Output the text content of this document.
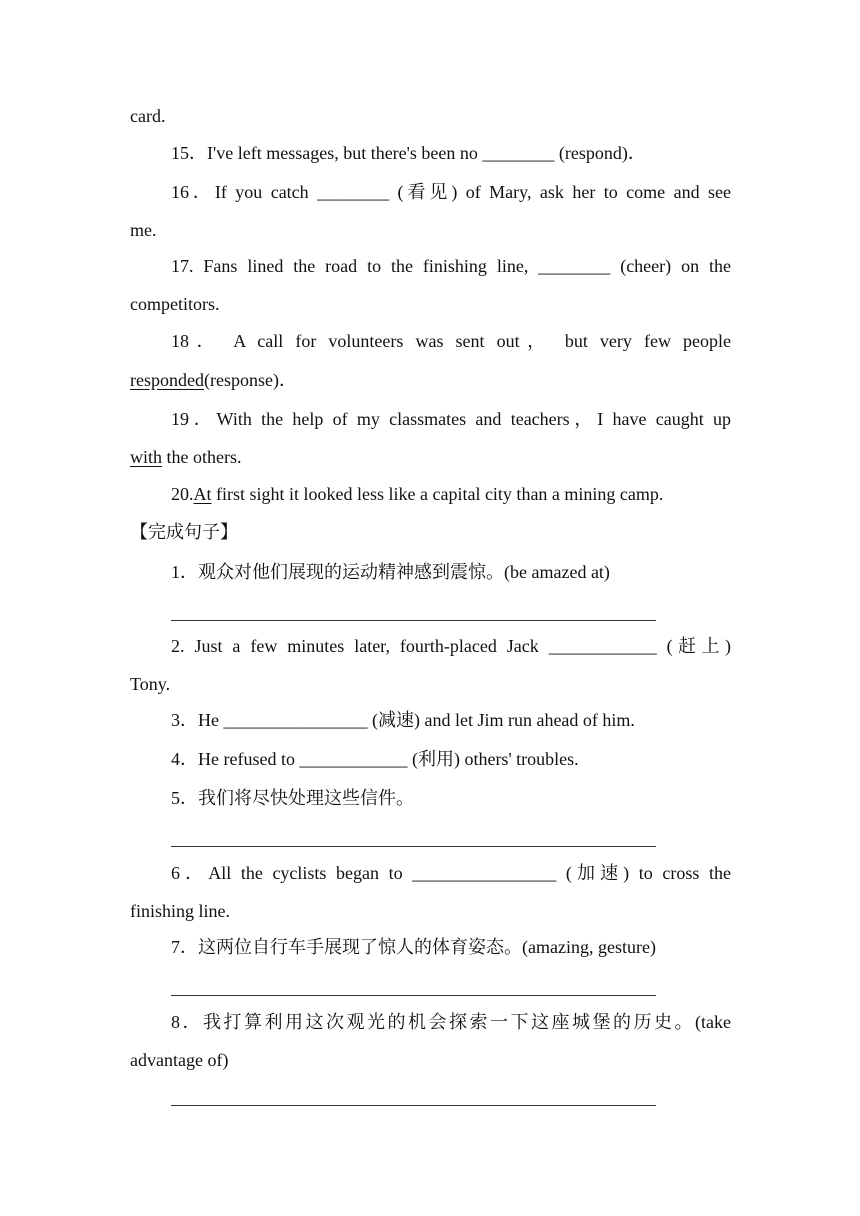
card.
15．I've left messages, but there's been no ________ (respond)．
16．If you catch ________ (看见) of Mary, ask her to come and see
me.
17. Fans lined the road to the finishing line, ________ (cheer) on the
competitors.
18． A call for volunteers was sent out， but very few people
responded(response)．
19．With the help of my classmates and teachers，I have caught up
with the others.
20.At first sight it looked less like a capital city than a mining camp.
【完成句子】
1．观众对他们展现的运动精神感到震惊。(be amazed at)
2. Just a few minutes later, fourth-placed Jack ____________ (赶上)
Tony.
3．He ________________ (减速) and let Jim run ahead of him.
4．He refused to ____________ (利用) others' troubles.
5．我们将尽快处理这些信件。
6．All the cyclists began to ________________ (加速) to cross the
finishing line.
7．这两位自行车手展现了惊人的体育姿态。(amazing, gesture)
8．我打算利用这次观光的机会探索一下这座城堡的历史。(take
advantage of)
